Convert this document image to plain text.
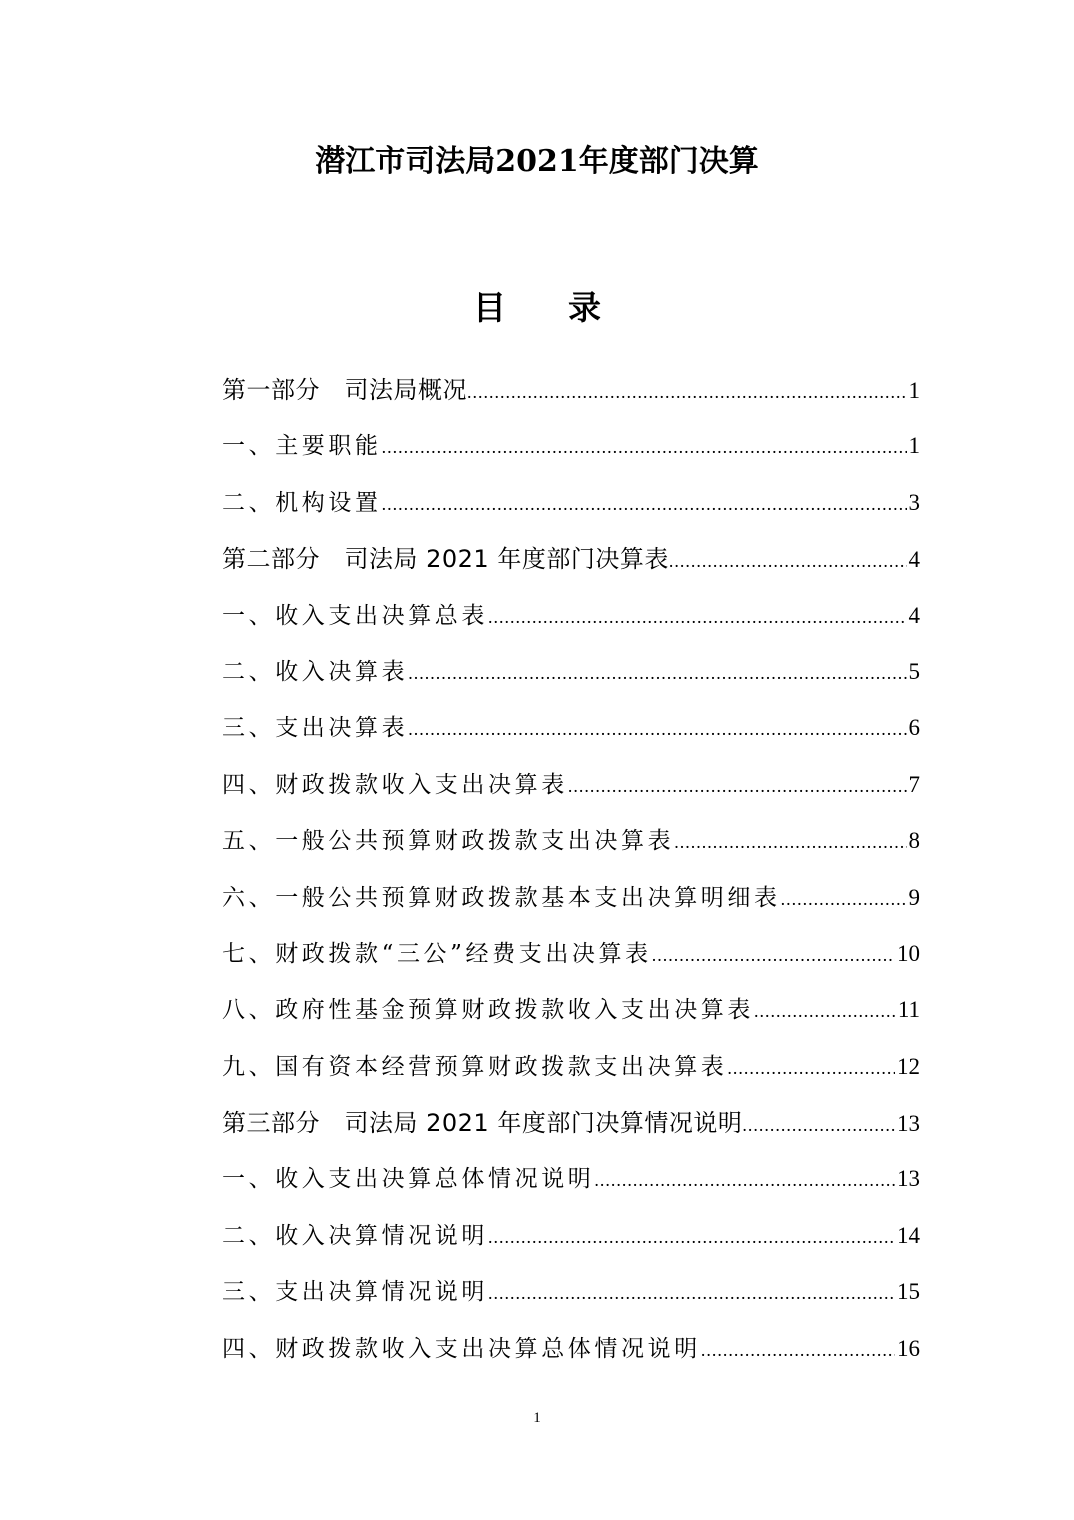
潜江市司法局2021年度部门决算
目录
第一部分　司法局概况 .....	1
一、主要职能 .....	1
二、机构设置 .....	3
第二部分　司法局 2021 年度部门决算表 .....	4
一、收入支出决算总表 .....	4
二、收入决算表 .....	5
三、支出决算表 .....	6
四、财政拨款收入支出决算表 .....	7
五、一般公共预算财政拨款支出决算表 .....	8
六、一般公共预算财政拨款基本支出决算明细表 .....	9
七、财政拨款“三公”经费支出决算表 .....	10
八、政府性基金预算财政拨款收入支出决算表 .....	11
九、国有资本经营预算财政拨款支出决算表 .....	12
第三部分　司法局 2021 年度部门决算情况说明 .....	13
一、收入支出决算总体情况说明 .....	13
二、收入决算情况说明 .....	14
三、支出决算情况说明 .....	15
四、财政拨款收入支出决算总体情况说明 .....	16

1
